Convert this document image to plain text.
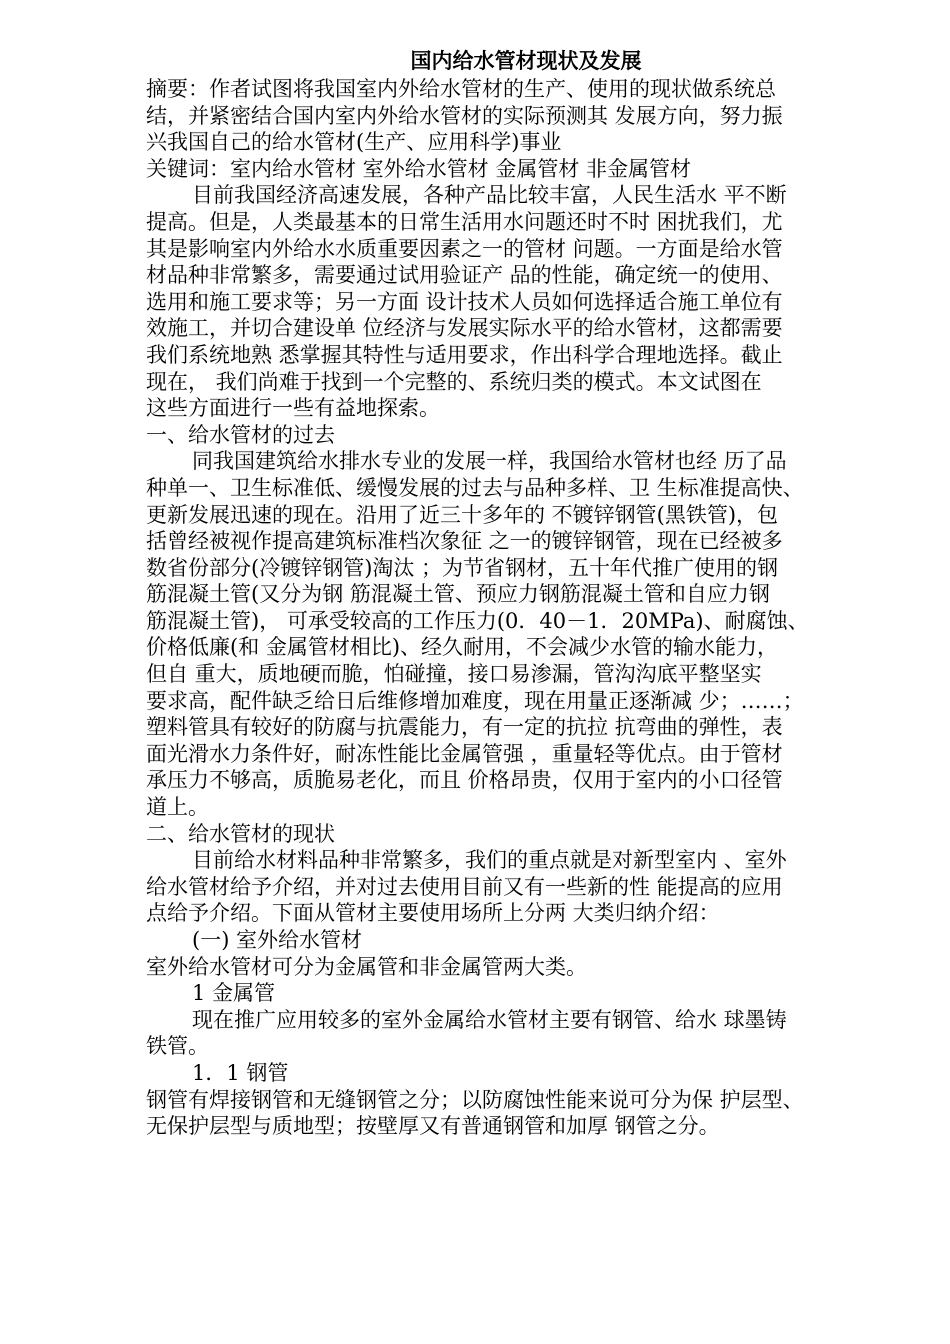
国内给水管材现状及发展
摘要：作者试图将我国室内外给水管材的生产、使用的现状做系统总
结，并紧密结合国内室内外给水管材的实际预测其 发展方向，努力振
兴我国自己的给水管材(生产、应用科学)事业
关键词：室内给水管材 室外给水管材 金属管材 非金属管材
目前我国经济高速发展，各种产品比较丰富，人民生活水 平不断
提高。但是，人类最基本的日常生活用水问题还时不时 困扰我们，尤
其是影响室内外给水水质重要因素之一的管材 问题。一方面是给水管
材品种非常繁多，需要通过试用验证产 品的性能，确定统一的使用、
选用和施工要求等；另一方面 设计技术人员如何选择适合施工单位有
效施工，并切合建设单 位经济与发展实际水平的给水管材，这都需要
我们系统地熟 悉掌握其特性与适用要求，作出科学合理地选择。截止
现在， 我们尚难于找到一个完整的、系统归类的模式。本文试图在
这些方面进行一些有益地探索。
一、给水管材的过去
同我国建筑给水排水专业的发展一样，我国给水管材也经 历了品
种单一、卫生标准低、缓慢发展的过去与品种多样、卫 生标准提高快、
更新发展迅速的现在。沿用了近三十多年的 不镀锌钢管(黑铁管)，包
括曾经被视作提高建筑标准档次象征 之一的镀锌钢管，现在已经被多
数省份部分(冷镀锌钢管)淘汰 ；为节省钢材，五十年代推广使用的钢
筋混凝土管(又分为钢 筋混凝土管、预应力钢筋混凝土管和自应力钢
筋混凝土管)， 可承受较高的工作压力(0．40－1．20MPa)、耐腐蚀、
价格低廉(和 金属管材相比)、经久耐用，不会减少水管的输水能力，
但自 重大，质地硬而脆，怕碰撞，接口易渗漏，管沟沟底平整坚实
要求高，配件缺乏给日后维修增加难度，现在用量正逐渐减 少；……；
塑料管具有较好的防腐与抗震能力，有一定的抗拉 抗弯曲的弹性，表
面光滑水力条件好，耐冻性能比金属管强 ，重量轻等优点。由于管材
承压力不够高，质脆易老化，而且 价格昂贵，仅用于室内的小口径管
道上。
二、给水管材的现状
目前给水材料品种非常繁多，我们的重点就是对新型室内 、室外
给水管材给予介绍，并对过去使用目前又有一些新的性 能提高的应用
点给予介绍。下面从管材主要使用场所上分两 大类归纳介绍：
(一) 室外给水管材
室外给水管材可分为金属管和非金属管两大类。
1 金属管
现在推广应用较多的室外金属给水管材主要有钢管、给水 球墨铸
铁管。
1．1 钢管
钢管有焊接钢管和无缝钢管之分；以防腐蚀性能来说可分为保 护层型、
无保护层型与质地型；按壁厚又有普通钢管和加厚 钢管之分。
